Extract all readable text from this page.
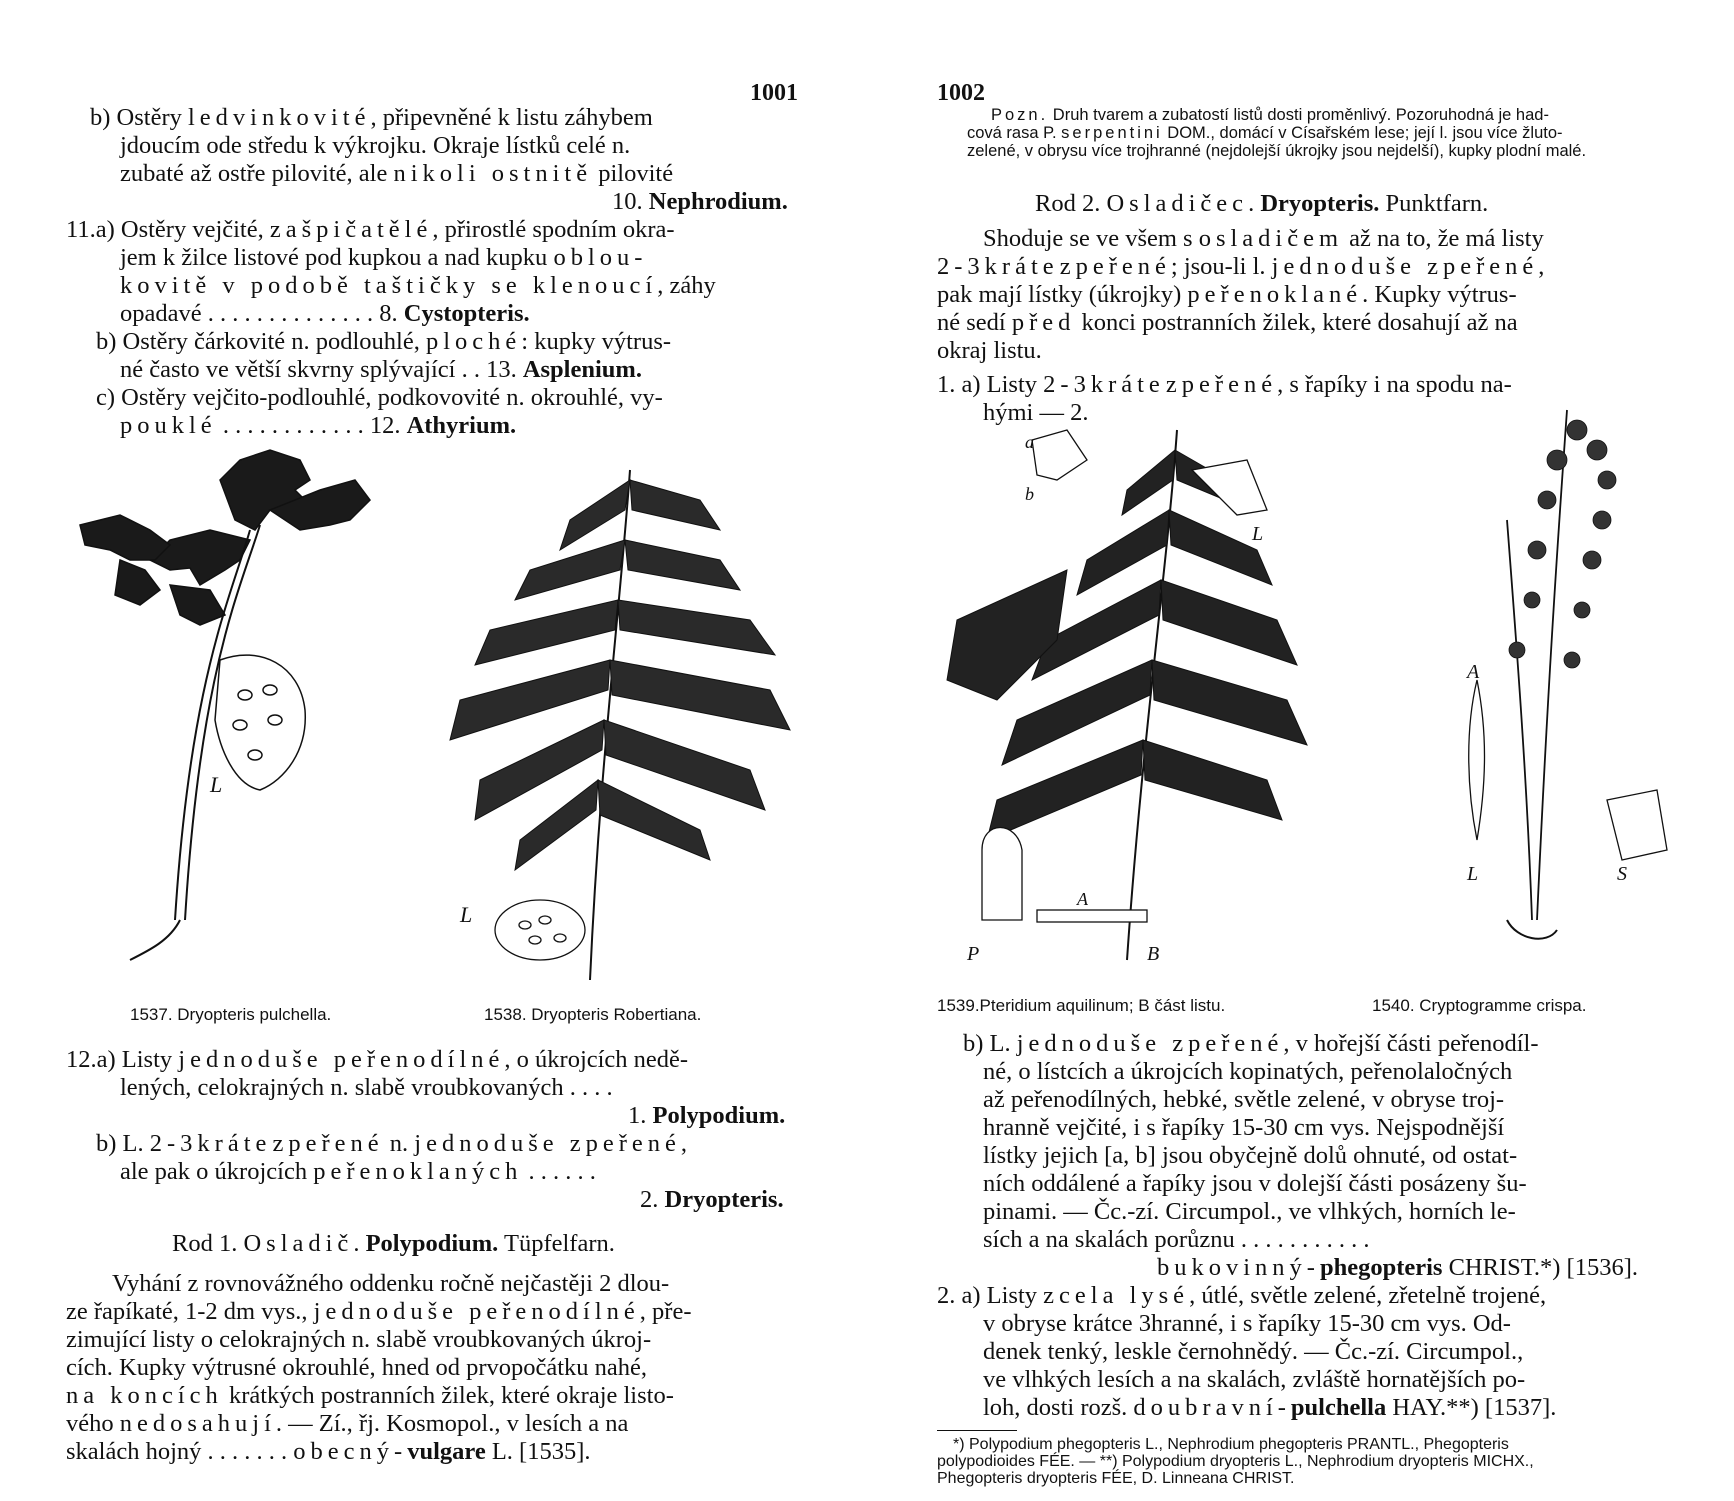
1001
b) Ostěry ledvinkovité, připevněné k listu záhybem
jdoucím ode středu k výkrojku. Okraje lístků celé n.
zubaté až ostře pilovité, ale nikoli ostnitě pilovité
10. Nephrodium.
11.a) Ostěry vejčité, zašpičatělé, přirostlé spodním okra-
jem k žilce listové pod kupkou a nad kupku oblou-
kovitě v podobě taštičky se klenoucí, záhy
opadavé . . . . . . . . . . . . . . 8. Cystopteris.
b) Ostěry čárkovité n. podlouhlé, ploché: kupky výtrus-
né často ve větší skvrny splývající . . 13. Asplenium.
c) Ostěry vejčito-podlouhlé, podkovovité n. okrouhlé, vy-
pouklé . . . . . . . . . . . . 12. Athyrium.
L
L
1537. Dryopteris pulchella.	1538. Dryopteris Robertiana.
12.a) Listy jednoduše peřenodílné, o úkrojcích nedě-
lených, celokrajných n. slabě vroubkovaných . . . .
1. Polypodium.
b) L. 2-3kráte zpeřené n. jednoduše zpeřené,
ale pak o úkrojcích peřenoklaných . . . . . .
2. Dryopteris.
Rod 1. Osladič. Polypodium. Tüpfelfarn.
Vyhání z rovnovážného oddenku ročně nejčastěji 2 dlou-
ze řapíkaté, 1-2 dm vys., jednoduše peřenodílné, pře-
zimující listy o celokrajných n. slabě vroubkovaných úkroj-
cích. Kupky výtrusné okrouhlé, hned od prvopočátku nahé,
na koncích krátkých postranních žilek, které okraje listo-
vého nedosahují. — Zí., řj. Kosmopol., v lesích a na
skalách hojný . . . . . . . obecný-vulgare L. [1535].
1002
Pozn. Druh tvarem a zubatostí listů dosti proměnlivý. Pozoruhodná je had-
cová rasa P. serpentini DOM., domácí v Císařském lese; její l. jsou více žluto-
zelené, v obrysu více trojhranné (nejdolejší úkrojky jsou nejdelší), kupky plodní malé.
Rod 2. Osladičec. Dryopteris. Punktfarn.
Shoduje se ve všem s osladičem až na to, že má listy
2-3kráte zpeřené; jsou-li l. jednoduše zpeřené,
pak mají lístky (úkrojky) peřenoklané. Kupky výtrus-
né sedí před konci postranních žilek, které dosahují až na
okraj listu.
1. a) Listy 2-3kráte zpeřené, s řapíky i na spodu na-
hými — 2.
a
b
L
P
A
B
A
L	S
1539.Pteridium aquilinum; B část listu.	1540. Cryptogramme crispa.
b) L. jednoduše zpeřené, v hořejší části peřenodíl-
né, o lístcích a úkrojcích kopinatých, peřenolaločných
až peřenodílných, hebké, světle zelené, v obryse troj-
hranně vejčité, i s řapíky 15-30 cm vys. Nejspodnější
lístky jejich [a, b] jsou obyčejně dolů ohnuté, od ostat-
ních oddálené a řapíky jsou v dolejší části posázeny šu-
pinami. — Čc.-zí. Circumpol., ve vlhkých, horních le-
sích a na skalách porůznu . . . . . . . . . . .
bukovinný-phegopteris CHRIST.*) [1536].
2. a) Listy zcela lysé, útlé, světle zelené, zřetelně trojené,
v obryse krátce 3hranné, i s řapíky 15-30 cm vys. Od-
denek tenký, leskle černohnědý. — Čc.-zí. Circumpol.,
ve vlhkých lesích a na skalách, zvláště hornatějších po-
loh, dosti rozš. doubravní-pulchella HAY.**) [1537].
*) Polypodium phegopteris L., Nephrodium phegopteris PRANTL., Phegopteris
polypodioides FÉE. — **) Polypodium dryopteris L., Nephrodium dryopteris MICHX.,
Phegopteris dryopteris FÉE, D. Linneana CHRIST.
